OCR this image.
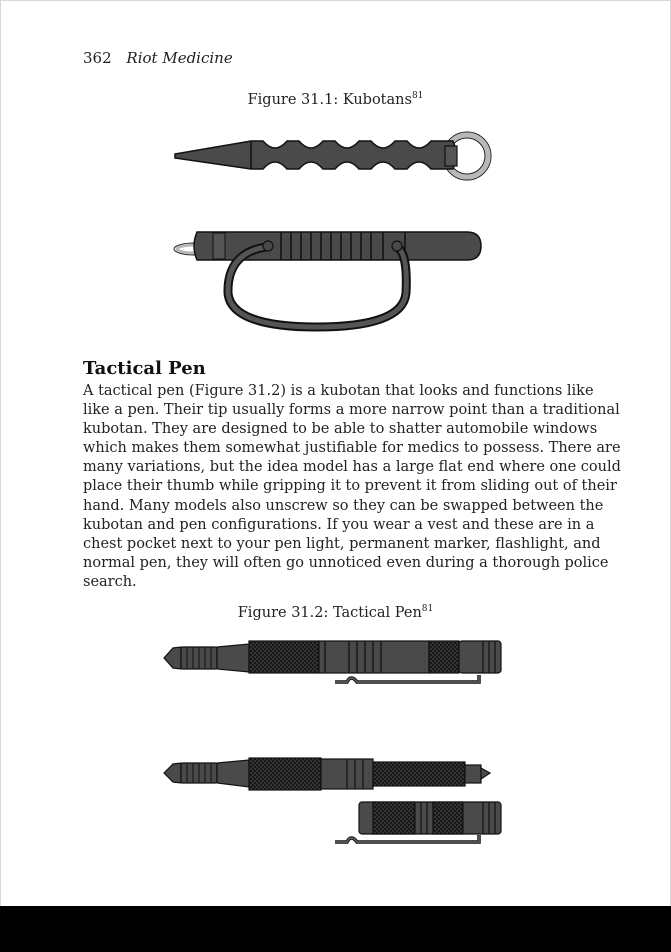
362 Riot Medicine
Figure 31.1: Kubotans$^{81}$
Tactical Pen
A tactical pen (Figure 31.2) is a kubotan that looks and functions like
like a pen. Their tip usually forms a more narrow point than a traditional
kubotan. They are designed to be able to shatter automobile windows
which makes them somewhat justifiable for medics to possess. There are
many variations, but the idea model has a large flat end where one could
place their thumb while gripping it to prevent it from sliding out of their
hand. Many models also unscrew so they can be swapped between the
kubotan and pen configurations. If you wear a vest and these are in a
chest pocket next to your pen light, permanent marker, flashlight, and
normal pen, they will often go unnoticed even during a thorough police
search.
Figure 31.2: Tactical Pen$^{81}$
